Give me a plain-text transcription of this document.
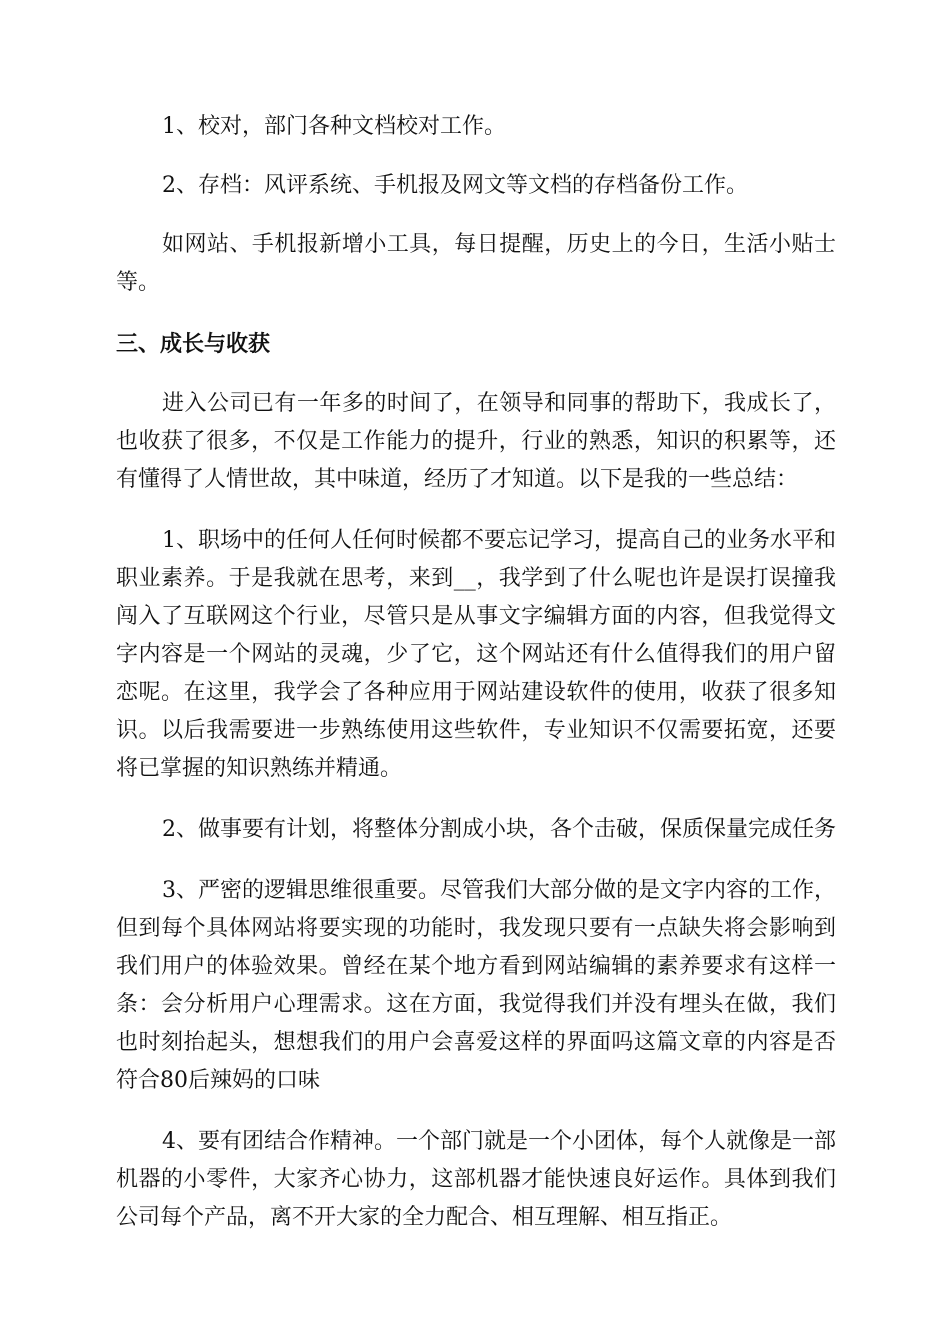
1、校对，部门各种文档校对工作。

2、存档：风评系统、手机报及网文等文档的存档备份工作。

如网站、手机报新增小工具，每日提醒，历史上的今日，生活小贴士等。

三、成长与收获

进入公司已有一年多的时间了，在领导和同事的帮助下，我成长了，也收获了很多，不仅是工作能力的提升，行业的熟悉，知识的积累等，还有懂得了人情世故，其中味道，经历了才知道。以下是我的一些总结：

1、职场中的任何人任何时候都不要忘记学习，提高自己的业务水平和职业素养。于是我就在思考，来到__，我学到了什么呢也许是误打误撞我闯入了互联网这个行业，尽管只是从事文字编辑方面的内容，但我觉得文字内容是一个网站的灵魂，少了它，这个网站还有什么值得我们的用户留恋呢。在这里，我学会了各种应用于网站建设软件的使用，收获了很多知识。以后我需要进一步熟练使用这些软件，专业知识不仅需要拓宽，还要将已掌握的知识熟练并精通。

2、做事要有计划，将整体分割成小块，各个击破，保质保量完成任务

3、严密的逻辑思维很重要。尽管我们大部分做的是文字内容的工作，但到每个具体网站将要实现的功能时，我发现只要有一点缺失将会影响到我们用户的体验效果。曾经在某个地方看到网站编辑的素养要求有这样一条：会分析用户心理需求。这在方面，我觉得我们并没有埋头在做，我们也时刻抬起头，想想我们的用户会喜爱这样的界面吗这篇文章的内容是否符合80后辣妈的口味

4、要有团结合作精神。一个部门就是一个小团体，每个人就像是一部机器的小零件，大家齐心协力，这部机器才能快速良好运作。具体到我们公司每个产品，离不开大家的全力配合、相互理解、相互指正。
